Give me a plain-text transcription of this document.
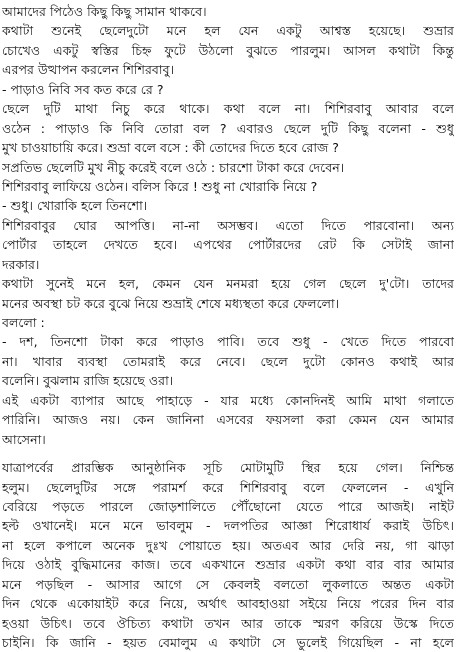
আমাদের পিঠেও কিছু কিছু সামান থাকবে।
কথাটা শুনেই ছেলেদুটো মনে হল যেন একটু আশ্বস্ত হয়েছে। শুভ্রার
চোখেও একটু স্বস্তির চিহ্ন ফুটে উঠলো বুঝতে পারলুম। আসল কথাটা কিন্তু
এরপর উত্থাপন করলেন শিশিরবাবু।
- পাড়াও নিবি সব কত করে রে ?
ছেলে দুটি মাথা নিচু করে থাকে। কথা বলে না। শিশিরবাবু আবার বলে
ওঠেন : পাড়াও কি নিবি তোরা বল ? এবারও ছেলে দুটি কিছু বলেনা - শুধু
মুখ চাওয়াচায়ি করে। শুভ্রা বলে বসে : কী তোদের দিতে হবে রোজ ?
সপ্রতিভ ছেলেটি মুখ নীচু করেই বলে ওঠে : চারশো টাকা করে দেবেন।
শিশিরবাবু লাফিয়ে ওঠেন। বলিস কিরে ! শুধু না খোরাকি নিয়ে ?
- শুধু। খোরাকি হলে তিনশো।
শিশিরবাবুর ঘোর আপত্তি। না-না অসম্ভব। এতো দিতে পারবোনা। অন্য
পোর্টার তাহলে দেখতে হবে। এপথের পোর্টারদের রেট কি সেটাই জানা
দরকার।
কথাটা সুনেই মনে হল, কেমন যেন মনমরা হয়ে গেল ছেলে দু'টো। তাদের
মনের অবস্থা চট করে বুঝে নিয়ে শুভ্রাই শেষে মধ্যস্থতা করে ফেললো।
বললো :
- দশ, তিনশো টাকা করে পাড়াও পাবি। তবে শুধু - খেতে দিতে পারবো
না। খাবার ব্যবস্থা তোমরাই করে নেবে। ছেলে দুটো কোনও কথাই আর
বলেনি। বুঝলাম রাজি হয়েছে ওরা।
এই একটা ব্যাপার আছে পাহাড়ে - যার মধ্যে কোনদিনই আমি মাথা গলাতে
পারিনি। আজও নয়। কেন জানিনা এসবের ফয়সলা করা কেমন যেন আমার
আসেনা।
যাত্রাপর্বের প্রারম্ভিক আনুষ্ঠানিক সূচি মোটামুটি স্থির হয়ে গেল। নিশ্চিন্ত
হলুম। ছেলেদুটির সঙ্গে পরামর্শ করে শিশিরবাবু বলে ফেললেন - এখুনি
বেরিয়ে পড়তে পারলে জোড়শালিতে পৌঁছোনো যেতে পারে আজই। নাইট
হল্ট ওখানেই। মনে মনে ভাবলুম - দলপতির আজ্ঞা শিরোধার্য করাই উচিৎ।
না হলে কপালে অনেক দুঃখ পোয়াতে হয়। অতএব আর দেরি নয়, গা ঝাড়া
দিয়ে ওঠাই বুদ্ধিমানের কাজ। তবে একখানে শুভ্রার একটা কথা বার বার আমার
মনে পড়ছিল - আসার আগে সে কেবলই বলতো লুকলাতে অন্তত একটা
দিন থেকে একোয়াইট করে নিয়ে, অর্থাৎ আবহাওয়া সইয়ে নিয়ে পরের দিন বার
হওয়া উচিৎ। তবে ঔচিত্য কথাটা তখন আর তাকে স্মরণ করিয়ে উস্কে দিতে
চাইনি। কি জানি - হয়ত বেমালুম এ কথাটা সে ভুলেই গিয়েছিল - না হলে
